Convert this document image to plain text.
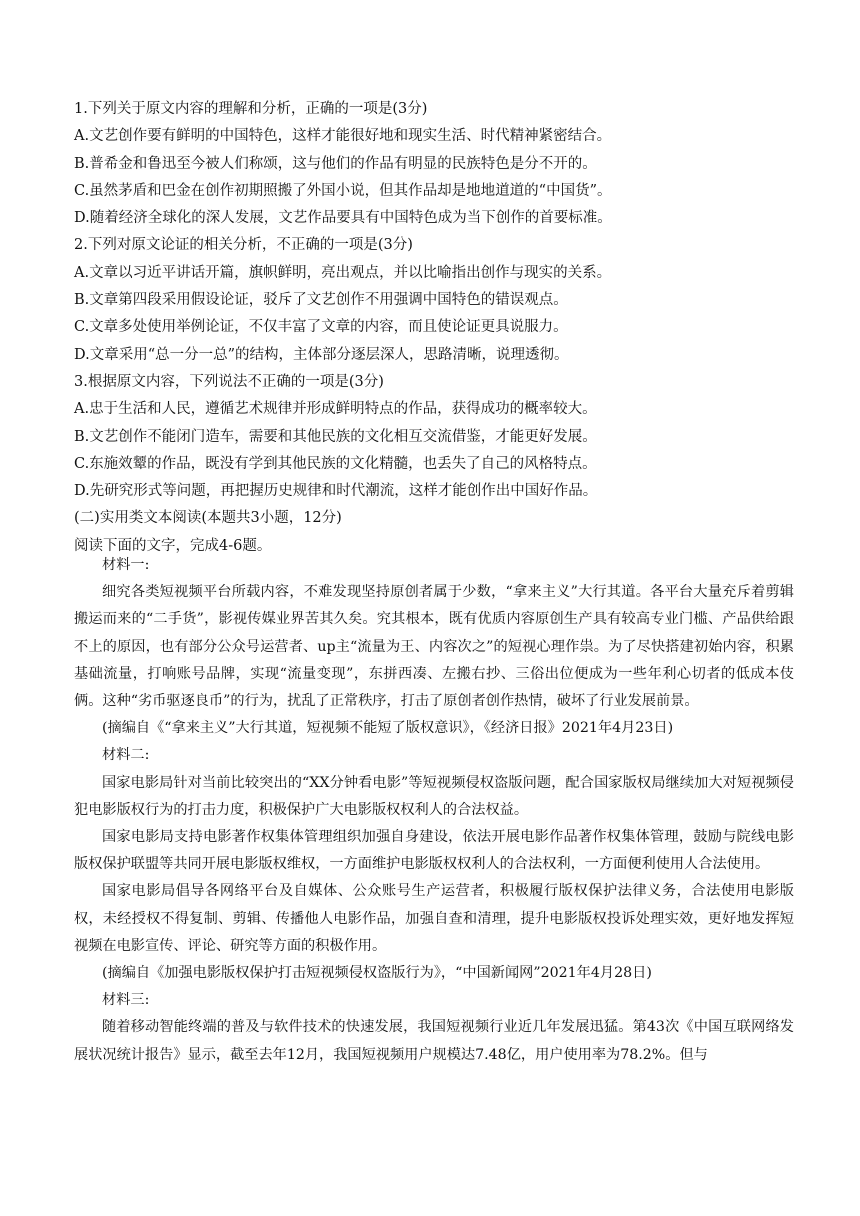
1.下列关于原文内容的理解和分析，正确的一项是(3分)
A.文艺创作要有鲜明的中国特色，这样才能很好地和现实生活、时代精神紧密结合。
B.普希金和鲁迅至今被人们称颂，这与他们的作品有明显的民族特色是分不开的。
C.虽然茅盾和巴金在创作初期照搬了外国小说，但其作品却是地地道道的“中国货”。
D.随着经济全球化的深人发展，文艺作品要具有中国特色成为当下创作的首要标准。
2.下列对原文论证的相关分析，不正确的一项是(3分)
A.文章以习近平讲话开篇，旗帜鲜明，亮出观点，并以比喻指出创作与现实的关系。
B.文章第四段采用假设论证，驳斥了文艺创作不用强调中国特色的错误观点。
C.文章多处使用举例论证，不仅丰富了文章的内容，而且使论证更具说服力。
D.文章采用“总一分一总”的结构，主体部分逐层深人，思路清晰，说理透彻。
3.根据原文内容，下列说法不正确的一项是(3分)
A.忠于生活和人民，遵循艺术规律并形成鲜明特点的作品，获得成功的概率较大。
B.文艺创作不能闭门造车，需要和其他民族的文化相互交流借鉴，才能更好发展。
C.东施效颦的作品，既没有学到其他民族的文化精髓，也丢失了自己的风格特点。
D.先研究形式等问题，再把握历史规律和时代潮流，这样才能创作出中国好作品。
(二)实用类文本阅读(本题共3小题，12分)
阅读下面的文字，完成4-6题。

材料一:

细究各类短视频平台所载内容，不难发现坚持原创者属于少数，“拿来主义”大行其道。各平台大量充斥着剪辑搬运而来的“二手货”，影视传媒业界苦其久矣。究其根本，既有优质内容原创生产具有较高专业门槛、产品供给跟不上的原因，也有部分公众号运营者、up主“流量为王、内容次之”的短视心理作祟。为了尽快搭建初始内容，积累基础流量，打响账号品牌，实现“流量变现”，东拼西凑、左搬右抄、三俗出位便成为一些年利心切者的低成本伎俩。这种“劣币驱逐良币”的行为，扰乱了正常秩序，打击了原创者创作热情，破坏了行业发展前景。

(摘编自《“拿来主义”大行其道，短视频不能短了版权意识》，《经济日报》2021年4月23日)

材料二:

国家电影局针对当前比较突出的“XX分钟看电影”等短视频侵权盗版问题，配合国家版权局继续加大对短视频侵犯电影版权行为的打击力度，积极保护广大电影版权权利人的合法权益。

国家电影局支持电影著作权集体管理组织加强自身建设，依法开展电影作品著作权集体管理，鼓励与院线电影版权保护联盟等共同开展电影版权维权，一方面维护电影版权权利人的合法权利，一方面便利使用人合法使用。

国家电影局倡导各网络平台及自媒体、公众账号生产运营者，积极履行版权保护法律义务，合法使用电影版权，未经授权不得复制、剪辑、传播他人电影作品，加强自查和清理，提升电影版权投诉处理实效，更好地发挥短视频在电影宣传、评论、研究等方面的积极作用。

(摘编自《加强电影版权保护打击短视频侵权盗版行为》，“中国新闻网”2021年4月28日)

材料三:

随着移动智能终端的普及与软件技术的快速发展，我国短视频行业近几年发展迅猛。第43次《中国互联网络发展状况统计报告》显示，截至去年12月，我国短视频用户规模达7.48亿，用户使用率为78.2%。但与
